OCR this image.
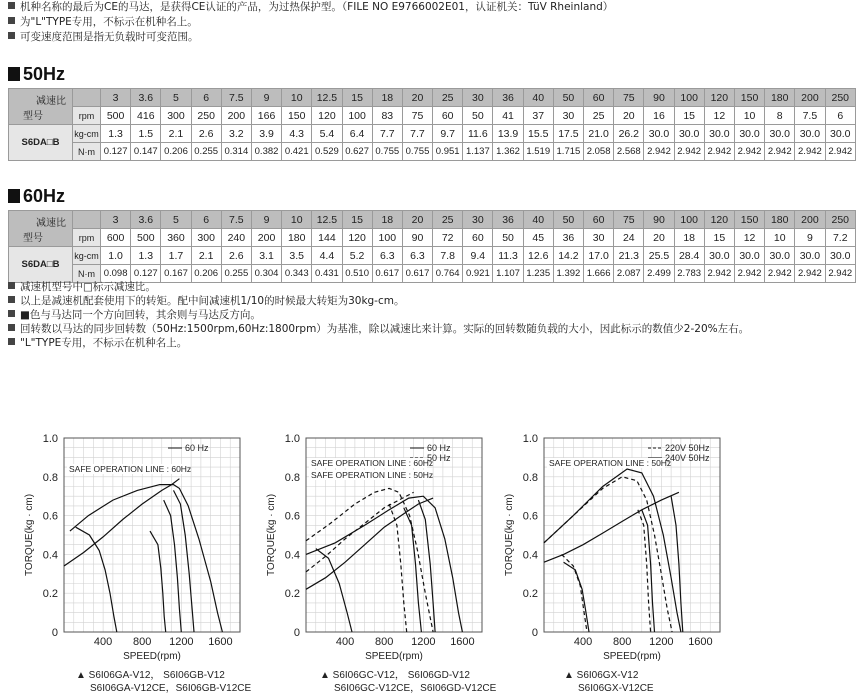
机种名称的最后为CE的马达，是获得CE认证的产品，为过热保护型。（FILE NO E9766002E01，认证机关：TüV Rheinland）
为"L"TYPE专用，不标示在机种名上。
可变速度范围是指无负载时可变范围。
50Hz
减速比
型号		3	3.6	5	6	7.5	9	10	12.5	15	18	20	25	30	36	40	50	60	75	90	100	120	150	180	200	250
	rpm	500	416	300	250	200	166	150	120	100	83	75	60	50	41	37	30	25	20	16	15	12	10	8	7.5	6
S6DA□B	kg-cm	1.3	1.5	2.1	2.6	3.2	3.9	4.3	5.4	6.4	7.7	7.7	9.7	11.6	13.9	15.5	17.5	21.0	26.2	30.0	30.0	30.0	30.0	30.0	30.0	30.0
	N·m	0.127	0.147	0.206	0.255	0.314	0.382	0.421	0.529	0.627	0.755	0.755	0.951	1.137	1.362	1.519	1.715	2.058	2.568	2.942	2.942	2.942	2.942	2.942	2.942	2.942
60Hz
减速比
型号		3	3.6	5	6	7.5	9	10	12.5	15	18	20	25	30	36	40	50	60	75	90	100	120	150	180	200	250
	rpm	600	500	360	300	240	200	180	144	120	100	90	72	60	50	45	36	30	24	20	18	15	12	10	9	7.2
S6DA□B	kg-cm	1.0	1.3	1.7	2.1	2.6	3.1	3.5	4.4	5.2	6.3	6.3	7.8	9.4	11.3	12.6	14.2	17.0	21.3	25.5	28.4	30.0	30.0	30.0	30.0	30.0
	N·m	0.098	0.127	0.167	0.206	0.255	0.304	0.343	0.431	0.510	0.617	0.617	0.764	0.921	1.107	1.235	1.392	1.666	2.087	2.499	2.783	2.942	2.942	2.942	2.942	2.942
减速机型号中□标示减速比。
以上是减速机配套使用下的转矩。配中间减速机1/10的时候最大转矩为30kg-cm。
■色与马达同一个方向回转，其余则与马达反方向。
回转数以马达的同步回转数（50Hz:1500rpm,60Hz:1800rpm）为基准，除以减速比来计算。实际的回转数随负载的大小，因此标示的数值少2-20%左右。
"L"TYPE专用，不标示在机种名上。
0
0.2
0.4
0.6
0.8
1.0
400 800 1200 1600
SPEED(rpm)
TORQUE(kg · cm)
60 Hz
SAFE OPERATION LINE : 60Hz
0
0.2
0.4
0.6
0.8
1.0
400 800 1200 1600
SPEED(rpm)
TORQUE(kg · cm)
60 Hz
50 Hz
SAFE OPERATION LINE : 60Hz
SAFE OPERATION LINE : 50Hz
0
0.2
0.4
0.6
0.8
1.0
400 800 1200 1600
SPEED(rpm)
TORQUE(kg · cm)
220V 50Hz
240V 50Hz
SAFE OPERATION LINE : 50Hz
▲ S6I06GA-V12， S6I06GB-V12
S6I06GA-V12CE，S6I06GB-V12CE
▲ S6I06GC-V12， S6I06GD-V12
S6I06GC-V12CE，S6I06GD-V12CE
▲ S6I06GX-V12
S6I06GX-V12CE
